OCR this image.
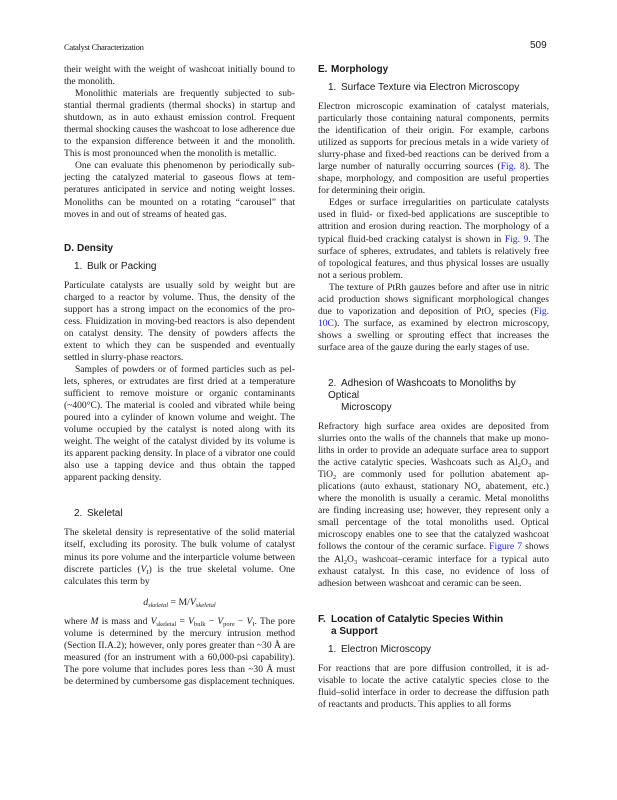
Catalyst Characterization	509

their weight with the weight of washcoat initially bound to the monolith.

Monolithic materials are frequently subjected to substantial thermal gradients (thermal shocks) in startup and shutdown, as in auto exhaust emission control. Frequent thermal shocking causes the washcoat to lose adherence due to the expansion difference between it and the monolith. This is most pronounced when the monolith is metallic.

One can evaluate this phenomenon by periodically subjecting the catalyzed material to gaseous flows at temperatures anticipated in service and noting weight losses. Monoliths can be mounted on a rotating “carousel” that moves in and out of streams of heated gas.

D. Density
1. Bulk or Packing

Particulate catalysts are usually sold by weight but are charged to a reactor by volume. Thus, the density of the support has a strong impact on the economics of the process. Fluidization in moving-bed reactors is also dependent on catalyst density. The density of powders affects the extent to which they can be suspended and eventually settled in slurry-phase reactors.

Samples of powders or of formed particles such as pellets, spheres, or extrudates are first dried at a temperature sufficient to remove moisture or organic contaminants (~400°C). The material is cooled and vibrated while being poured into a cylinder of known volume and weight. The volume occupied by the catalyst is noted along with its weight. The weight of the catalyst divided by its volume is its apparent packing density. In place of a vibrator one could also use a tapping device and thus obtain the tapped apparent packing density.

2. Skeletal

The skeletal density is representative of the solid material itself, excluding its porosity. The bulk volume of catalyst minus its pore volume and the interparticle volume between discrete particles $(V_I)$ is the true skeletal volume. One calculates this term by

$d_{skeletal} = M/V_{skeletal}$

where M is mass and $V_{skeletal} = V_{bulk} - V_{pore} - V_I$. The pore volume is determined by the mercury intrusion method (Section II.A.2); however, only pores greater than ~30 Å are measured (for an instrument with a 60,000-psi capability). The pore volume that includes pores less than ~30 Å must be determined by cumbersome gas displacement techniques.

E. Morphology
1. Surface Texture via Electron Microscopy

Electron microscopic examination of catalyst materials, particularly those containing natural components, permits the identification of their origin. For example, carbons utilized as supports for precious metals in a wide variety of slurry-phase and fixed-bed reactions can be derived from a large number of naturally occurring sources (Fig. 8). The shape, morphology, and composition are useful properties for determining their origin.

Edges or surface irregularities on particulate catalysts used in fluid- or fixed-bed applications are susceptible to attrition and erosion during reaction. The morphology of a typical fluid-bed cracking catalyst is shown in Fig. 9. The surface of spheres, extrudates, and tablets is relatively free of topological features, and thus physical losses are usually not a serious problem.

The texture of PtRh gauzes before and after use in nitric acid production shows significant morphological changes due to vaporization and deposition of PtO$_x$ species (Fig. 10C). The surface, as examined by electron microscopy, shows a swelling or sprouting effect that increases the surface area of the gauze during the early stages of use.

2. Adhesion of Washcoats to Monoliths by Optical
Microscopy

Refractory high surface area oxides are deposited from slurries onto the walls of the channels that make up monoliths in order to provide an adequate surface area to support the active catalytic species. Washcoats such as $Al_2O_3$ and TiO$_2$ are commonly used for pollution abatement applications (auto exhaust, stationary $NO_x$ abatement, etc.) where the monolith is usually a ceramic. Metal monoliths are finding increasing use; however, they represent only a small percentage of the total monoliths used. Optical microscopy enables one to see that the catalyzed washcoat follows the contour of the ceramic surface. Figure 7 shows the $Al_2O_3$ washcoat–ceramic interface for a typical auto exhaust catalyst. In this case, no evidence of loss of adhesion between washcoat and ceramic can be seen.

F. Location of Catalytic Species Within
a Support
1. Electron Microscopy

For reactions that are pore diffusion controlled, it is advisable to locate the active catalytic species close to the fluid–solid interface in order to decrease the diffusion path of reactants and products. This applies to all forms
